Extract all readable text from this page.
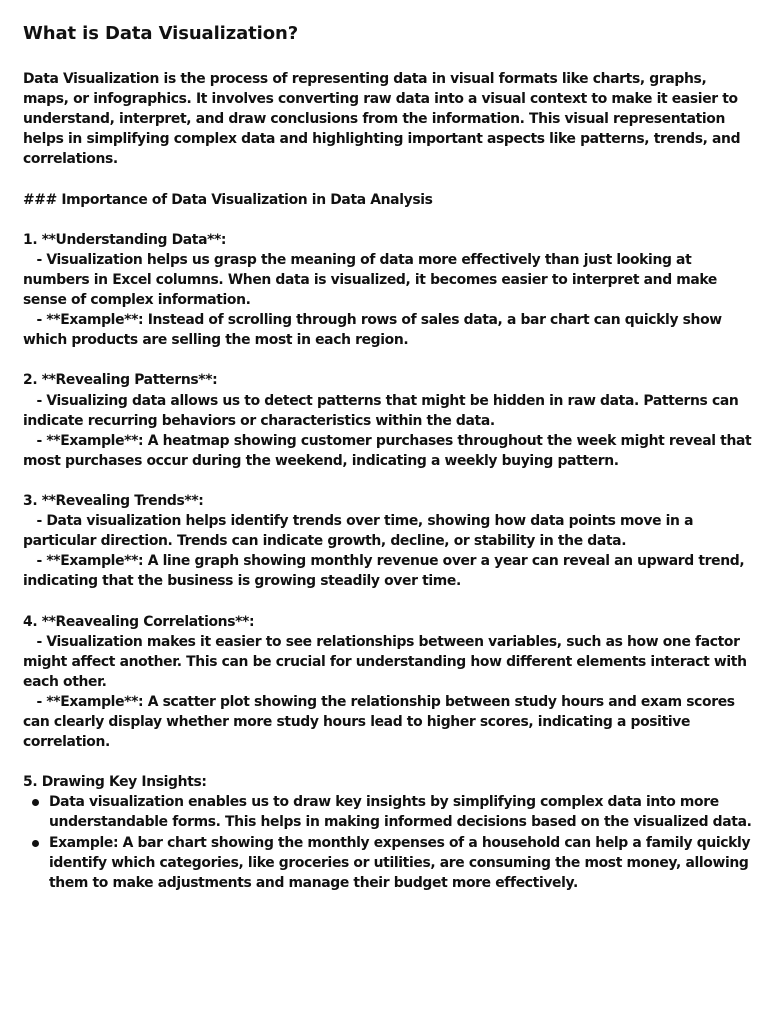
What is Data Visualization?

Data Visualization is the process of representing data in visual formats like charts, graphs, maps, or infographics. It involves converting raw data into a visual context to make it easier to understand, interpret, and draw conclusions from the information. This visual representation helps in simplifying complex data and highlighting important aspects like patterns, trends, and correlations.

### Importance of Data Visualization in Data Analysis

1. **Understanding Data**:

- Visualization helps us grasp the meaning of data more effectively than just looking at numbers in Excel columns. When data is visualized, it becomes easier to interpret and make sense of complex information.

- **Example**: Instead of scrolling through rows of sales data, a bar chart can quickly show which products are selling the most in each region.

2. **Revealing Patterns**:

- Visualizing data allows us to detect patterns that might be hidden in raw data. Patterns can indicate recurring behaviors or characteristics within the data.

- **Example**: A heatmap showing customer purchases throughout the week might reveal that most purchases occur during the weekend, indicating a weekly buying pattern.

3. **Revealing Trends**:

- Data visualization helps identify trends over time, showing how data points move in a particular direction. Trends can indicate growth, decline, or stability in the data.

- **Example**: A line graph showing monthly revenue over a year can reveal an upward trend, indicating that the business is growing steadily over time.

4. **Reavealing Correlations**:

- Visualization makes it easier to see relationships between variables, such as how one factor might affect another. This can be crucial for understanding how different elements interact with each other.

- **Example**: A scatter plot showing the relationship between study hours and exam scores can clearly display whether more study hours lead to higher scores, indicating a positive correlation.

5. Drawing Key Insights:

Data visualization enables us to draw key insights by simplifying complex data into more understandable forms. This helps in making informed decisions based on the visualized data.
Example: A bar chart showing the monthly expenses of a household can help a family quickly identify which categories, like groceries or utilities, are consuming the most money, allowing them to make adjustments and manage their budget more effectively.
